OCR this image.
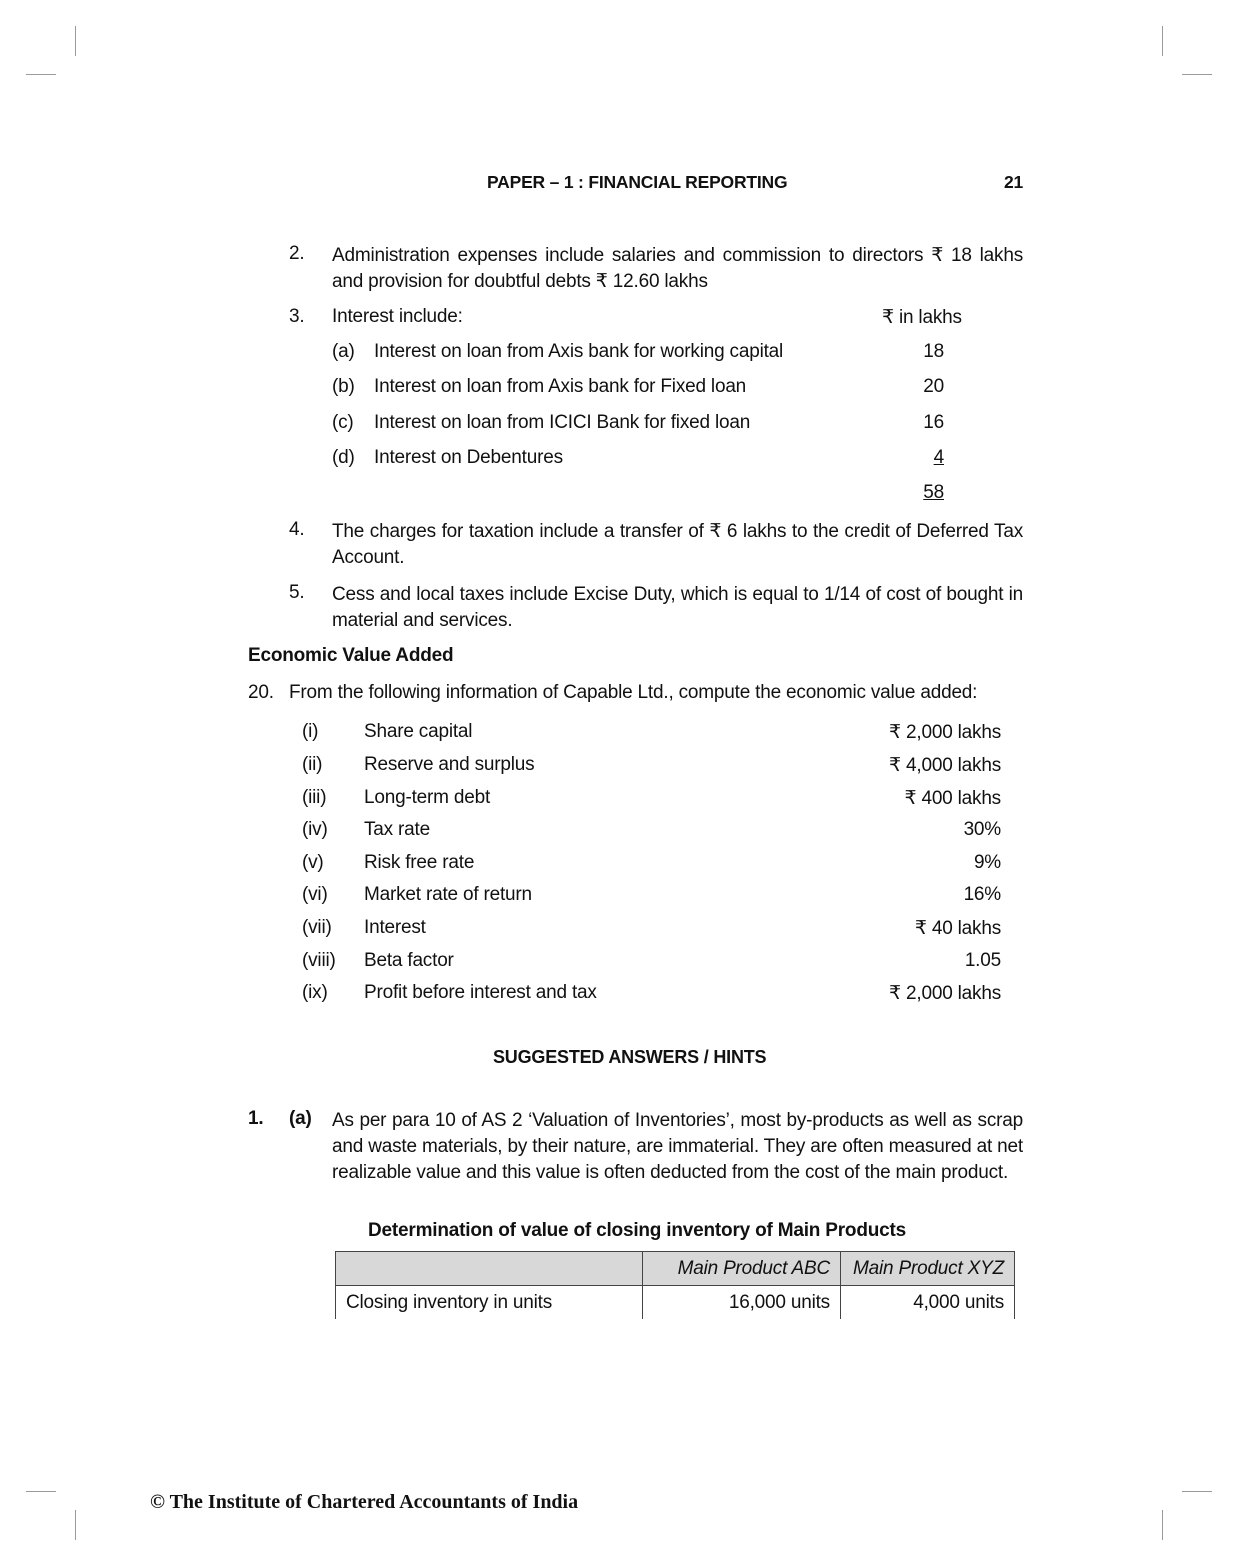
PAPER – 1 : FINANCIAL REPORTING	21
2. Administration expenses include salaries and commission to directors ₹ 18 lakhs and provision for doubtful debts ₹ 12.60 lakhs
3. Interest include:	₹ in lakhs
(a) Interest on loan from Axis bank for working capital	18
(b) Interest on loan from Axis bank for Fixed loan	20
(c) Interest on loan from ICICI Bank for fixed loan	16
(d) Interest on Debentures	4
58
4. The charges for taxation include a transfer of ₹ 6 lakhs to the credit of Deferred Tax Account.
5. Cess and local taxes include Excise Duty, which is equal to 1/14 of cost of bought in material and services.
Economic Value Added
20. From the following information of Capable Ltd., compute the economic value added:
(i) Share capital	₹ 2,000 lakhs
(ii) Reserve and surplus	₹ 4,000 lakhs
(iii) Long-term debt	₹ 400 lakhs
(iv) Tax rate	30%
(v) Risk free rate	9%
(vi) Market rate of return	16%
(vii) Interest	₹ 40 lakhs
(viii) Beta factor	1.05
(ix) Profit before interest and tax	₹ 2,000 lakhs
SUGGESTED ANSWERS / HINTS
1. (a) As per para 10 of AS 2 ‘Valuation of Inventories’, most by-products as well as scrap and waste materials, by their nature, are immaterial. They are often measured at net realizable value and this value is often deducted from the cost of the main product.
Determination of value of closing inventory of Main Products
	Main Product ABC	Main Product XYZ
Closing inventory in units	16,000 units	4,000 units
© The Institute of Chartered Accountants of India
